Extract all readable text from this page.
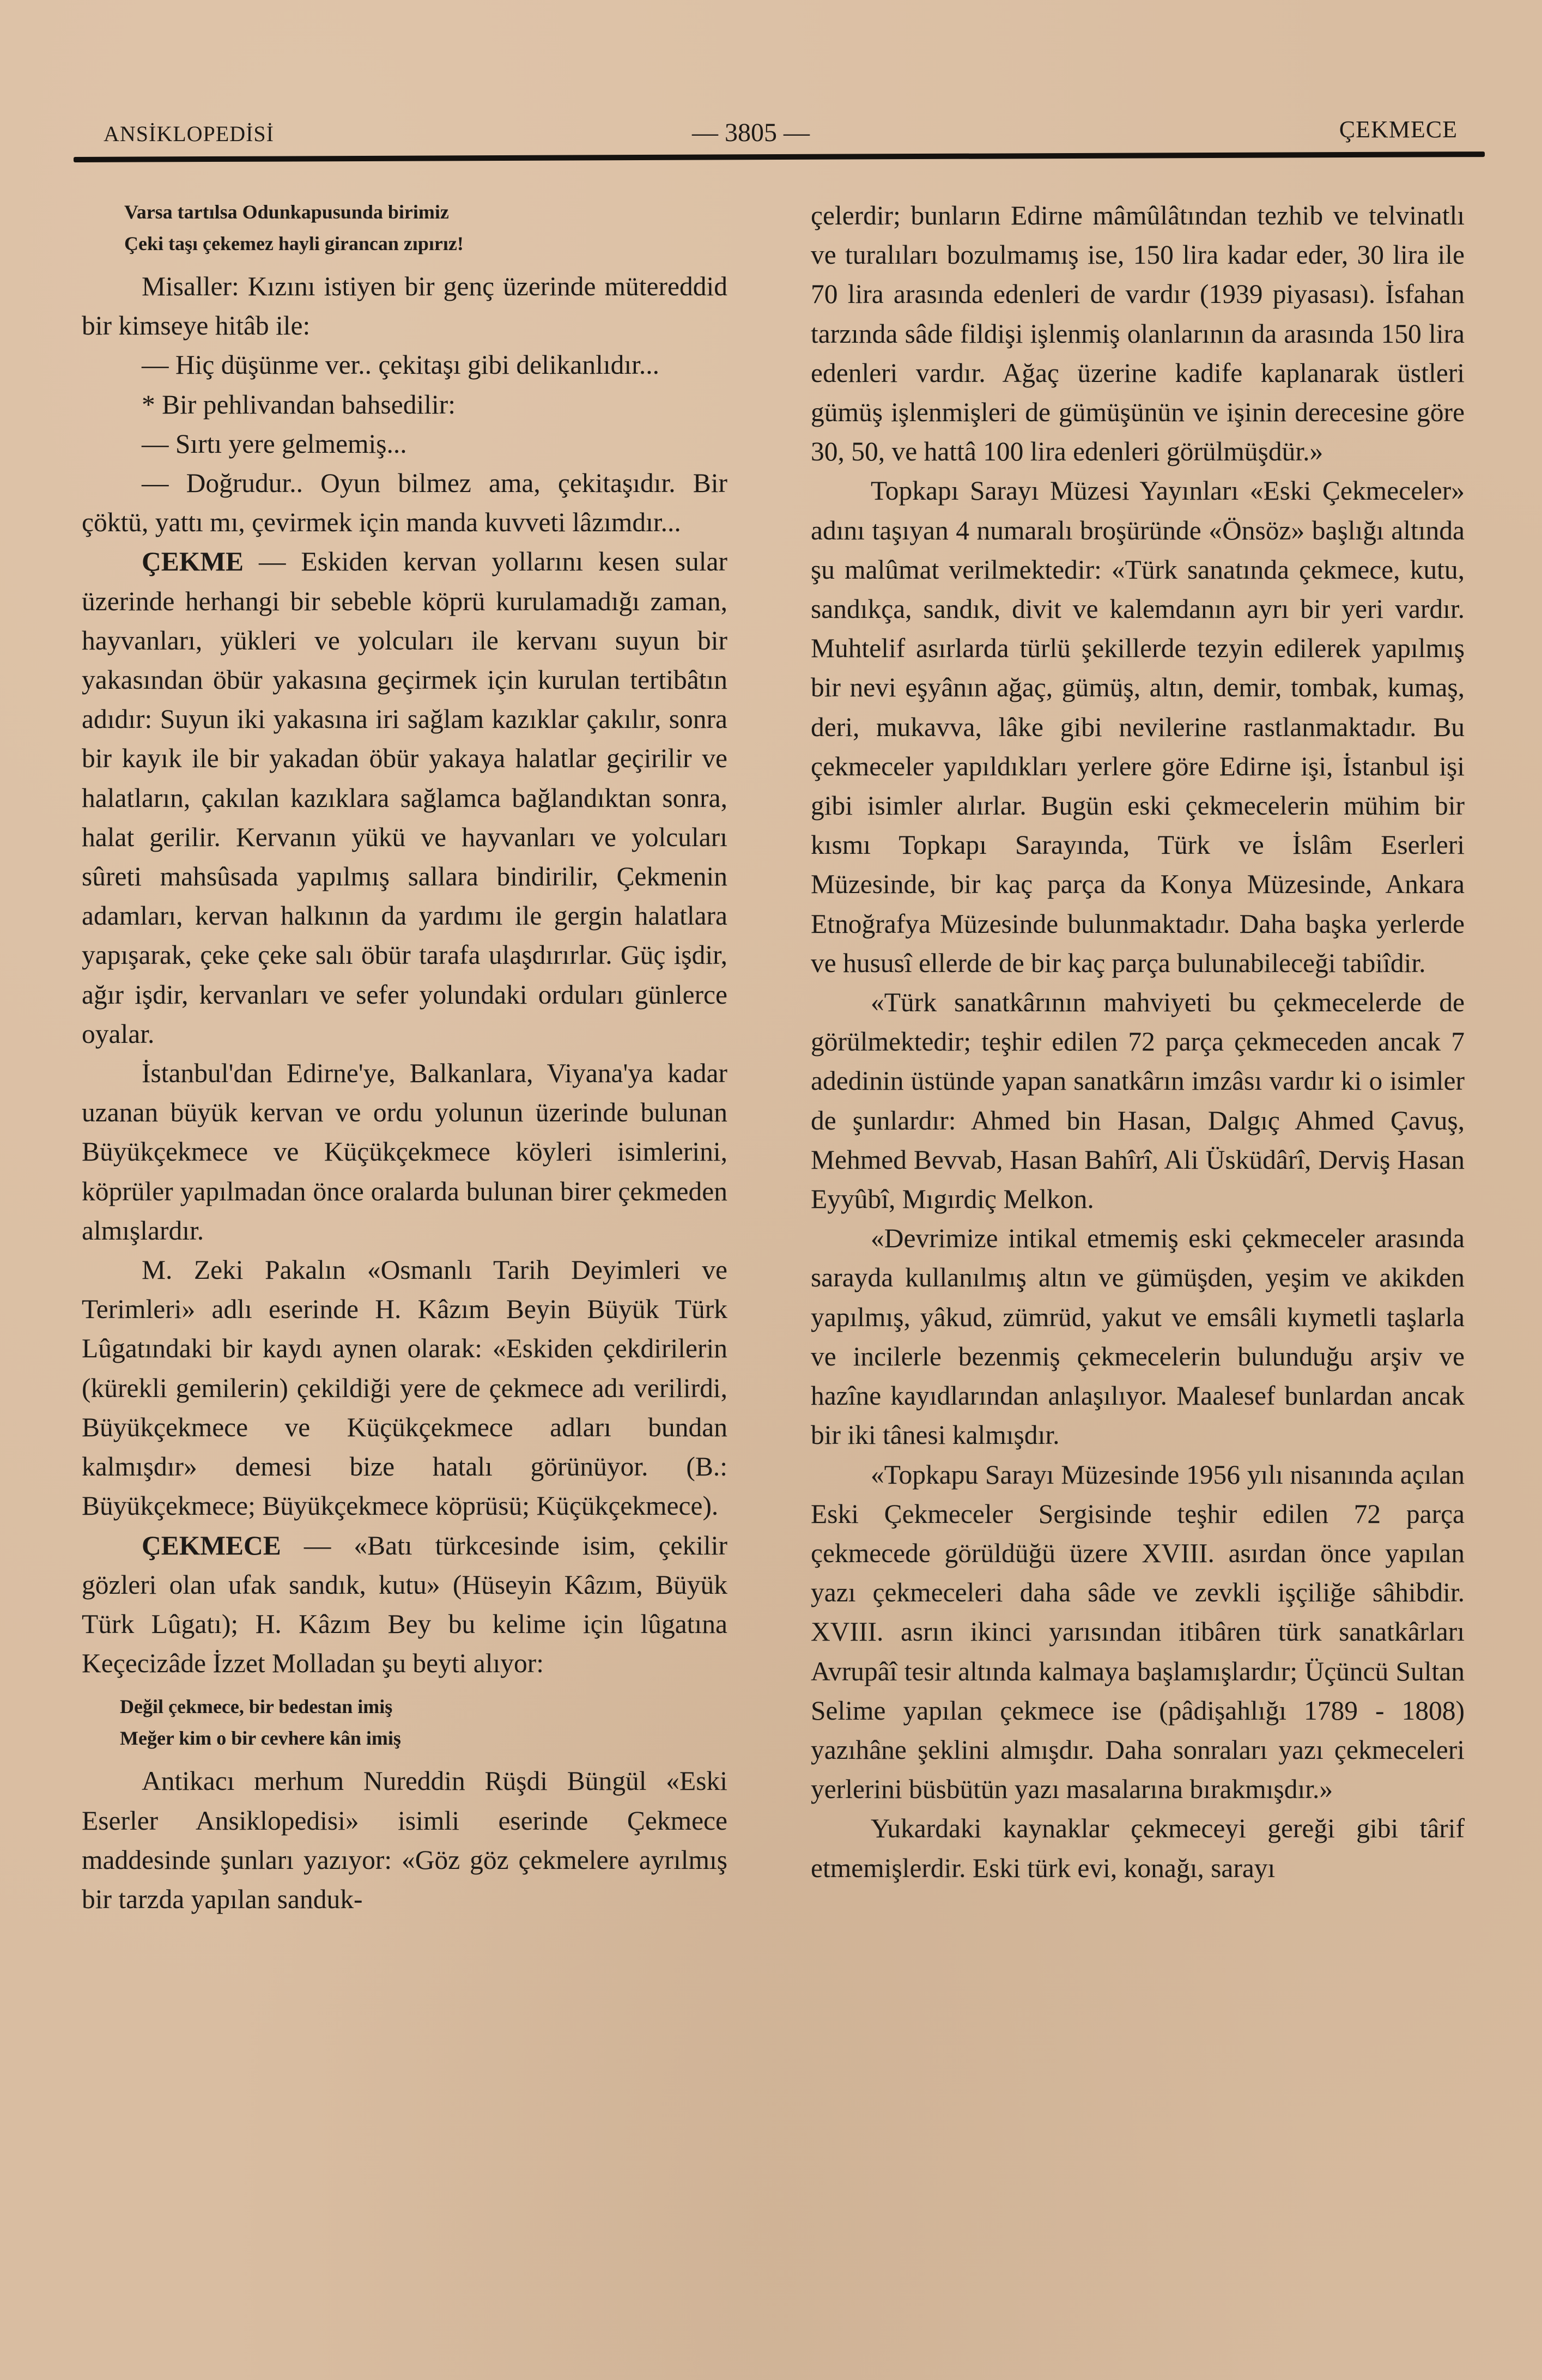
ANSİKLOPEDİSİ	— 3805 —	ÇEKMECE
Varsa tartılsa Odunkapusunda birimiz
Çeki taşı çekemez hayli girancan zıpırız!

Misaller: Kızını istiyen bir genç üzerinde mütereddid bir kimseye hitâb ile:

— Hiç düşünme ver.. çekitaşı gibi delikanlıdır...

* Bir pehlivandan bahsedilir:

— Sırtı yere gelmemiş...

— Doğrudur.. Oyun bilmez ama, çekitaşıdır. Bir çöktü, yattı mı, çevirmek için manda kuvveti lâzımdır...

ÇEKME — Eskiden kervan yollarını kesen sular üzerinde herhangi bir sebeble köprü kurulamadığı zaman, hayvanları, yükleri ve yolcuları ile kervanı suyun bir yakasından öbür yakasına geçirmek için kurulan tertibâtın adıdır: Suyun iki yakasına iri sağlam kazıklar çakılır, sonra bir kayık ile bir yakadan öbür yakaya halatlar geçirilir ve halatların, çakılan kazıklara sağlamca bağlandıktan sonra, halat gerilir. Kervanın yükü ve hayvanları ve yolcuları sûreti mahsûsada yapılmış sallara bindirilir, Çekmenin adamları, kervan halkının da yardımı ile gergin halatlara yapışarak, çeke çeke salı öbür tarafa ulaşdırırlar. Güç işdir, ağır işdir, kervanları ve sefer yolundaki orduları günlerce oyalar.

İstanbul'dan Edirne'ye, Balkanlara, Viyana'ya kadar uzanan büyük kervan ve ordu yolunun üzerinde bulunan Büyükçekmece ve Küçükçekmece köyleri isimlerini, köprüler yapılmadan önce oralarda bulunan birer çekmeden almışlardır.

M. Zeki Pakalın «Osmanlı Tarih Deyimleri ve Terimleri» adlı eserinde H. Kâzım Beyin Büyük Türk Lûgatındaki bir kaydı aynen olarak: «Eskiden çekdirilerin (kürekli gemilerin) çekildiği yere de çekmece adı verilirdi, Büyükçekmece ve Küçükçekmece adları bundan kalmışdır» demesi bize hatalı görünüyor. (B.: Büyükçekmece; Büyükçekmece köprüsü; Küçükçekmece).

ÇEKMECE — «Batı türkcesinde isim, çekilir gözleri olan ufak sandık, kutu» (Hüseyin Kâzım, Büyük Türk Lûgatı); H. Kâzım Bey bu kelime için lûgatına Keçecizâde İzzet Molladan şu beyti alıyor:

Değil çekmece, bir bedestan imiş
Meğer kim o bir cevhere kân imiş

Antikacı merhum Nureddin Rüşdi Büngül «Eski Eserler Ansiklopedisi» isimli eserinde Çekmece maddesinde şunları yazıyor: «Göz göz çekmelere ayrılmış bir tarzda yapılan sanduk-

çelerdir; bunların Edirne mâmûlâtından tezhib ve telvinatlı ve turalıları bozulmamış ise, 150 lira kadar eder, 30 lira ile 70 lira arasında edenleri de vardır (1939 piyasası). İsfahan tarzında sâde fildişi işlenmiş olanlarının da arasında 150 lira edenleri vardır. Ağaç üzerine kadife kaplanarak üstleri gümüş işlenmişleri de gümüşünün ve işinin derecesine göre 30, 50, ve hattâ 100 lira edenleri görülmüşdür.»

Topkapı Sarayı Müzesi Yayınları «Eski Çekmeceler» adını taşıyan 4 numaralı broşüründe «Önsöz» başlığı altında şu malûmat verilmektedir: «Türk sanatında çekmece, kutu, sandıkça, sandık, divit ve kalemdanın ayrı bir yeri vardır. Muhtelif asırlarda türlü şekillerde tezyin edilerek yapılmış bir nevi eşyânın ağaç, gümüş, altın, demir, tombak, kumaş, deri, mukavva, lâke gibi nevilerine rastlanmaktadır. Bu çekmeceler yapıldıkları yerlere göre Edirne işi, İstanbul işi gibi isimler alırlar. Bugün eski çekmecelerin mühim bir kısmı Topkapı Sarayında, Türk ve İslâm Eserleri Müzesinde, bir kaç parça da Konya Müzesinde, Ankara Etnoğrafya Müzesinde bulunmaktadır. Daha başka yerlerde ve hususî ellerde de bir kaç parça bulunabileceği tabiîdir.

«Türk sanatkârının mahviyeti bu çekmecelerde de görülmektedir; teşhir edilen 72 parça çekmeceden ancak 7 adedinin üstünde yapan sanatkârın imzâsı vardır ki o isimler de şunlardır: Ahmed bin Hasan, Dalgıç Ahmed Çavuş, Mehmed Bevvab, Hasan Bahîrî, Ali Üsküdârî, Derviş Hasan Eyyûbî, Mıgırdiç Melkon.

«Devrimize intikal etmemiş eski çekmeceler arasında sarayda kullanılmış altın ve gümüşden, yeşim ve akikden yapılmış, yâkud, zümrüd, yakut ve emsâli kıymetli taşlarla ve incilerle bezenmiş çekmecelerin bulunduğu arşiv ve hazîne kayıdlarından anlaşılıyor. Maalesef bunlardan ancak bir iki tânesi kalmışdır.

«Topkapu Sarayı Müzesinde 1956 yılı nisanında açılan Eski Çekmeceler Sergisinde teşhir edilen 72 parça çekmecede görüldüğü üzere XVIII. asırdan önce yapılan yazı çekmeceleri daha sâde ve zevkli işçiliğe sâhibdir. XVIII. asrın ikinci yarısından itibâren türk sanatkârları Avrupâî tesir altında kalmaya başlamışlardır; Üçüncü Sultan Selime yapılan çekmece ise (pâdişahlığı 1789 - 1808) yazıhâne şeklini almışdır. Daha sonraları yazı çekmeceleri yerlerini büsbütün yazı masalarına bırakmışdır.»

Yukardaki kaynaklar çekmeceyi gereği gibi târif etmemişlerdir. Eski türk evi, konağı, sarayı
